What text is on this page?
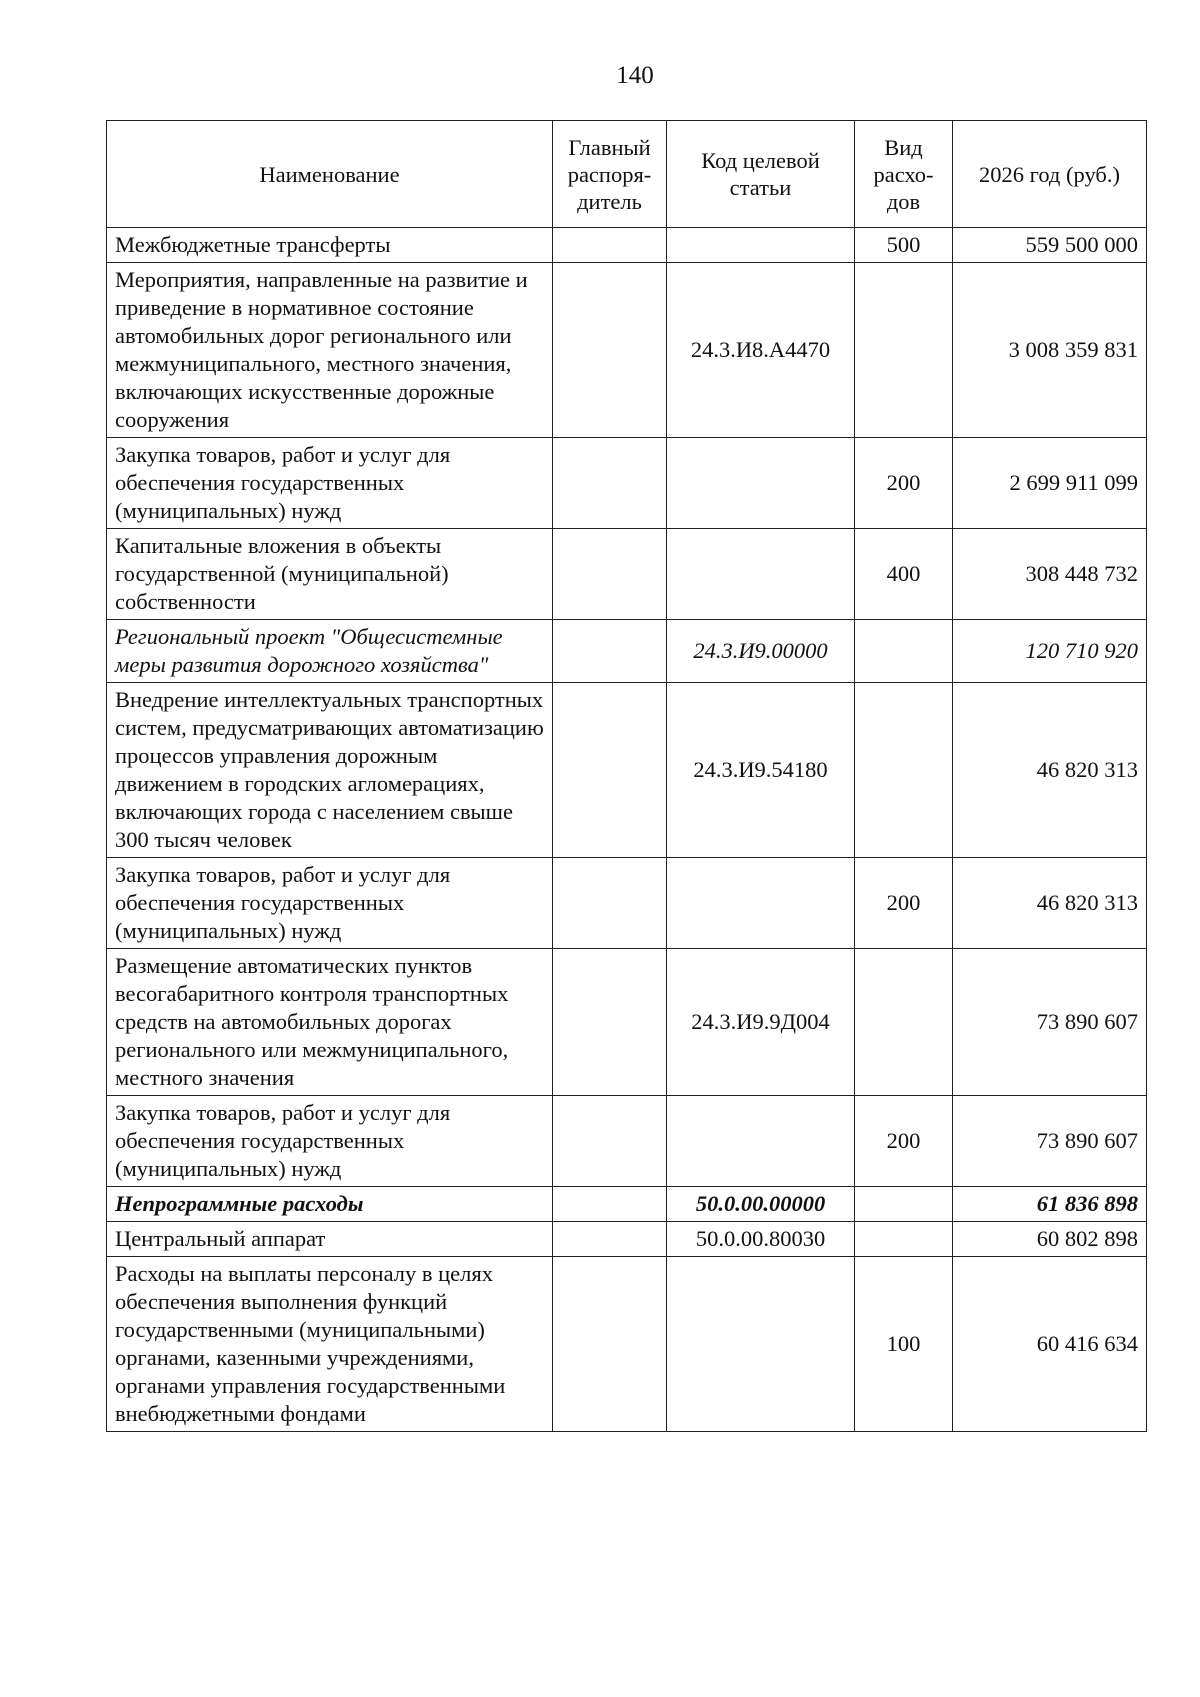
140
Наименование	Главный распоря- дитель	Код целевой статьи	Вид расхо- дов	2026 год (руб.)
Межбюджетные трансферты			500	559 500 000
Мероприятия, направленные на развитие и приведение в нормативное состояние автомобильных дорог регионального или межмуниципального, местного значения, включающих искусственные дорожные сооружения		24.3.И8.А4470		3 008 359 831
Закупка товаров, работ и услуг для обеспечения государственных (муниципальных) нужд			200	2 699 911 099
Капитальные вложения в объекты государственной (муниципальной) собственности			400	308 448 732
Региональный проект "Общесистемные меры развития дорожного хозяйства"		24.3.И9.00000		120 710 920
Внедрение интеллектуальных транспортных систем, предусматривающих автоматизацию процессов управления дорожным движением в городских агломерациях, включающих города с населением свыше 300 тысяч человек		24.3.И9.54180		46 820 313
Закупка товаров, работ и услуг для обеспечения государственных (муниципальных) нужд			200	46 820 313
Размещение автоматических пунктов весогабаритного контроля транспортных средств на автомобильных дорогах регионального или межмуниципального, местного значения		24.3.И9.9Д004		73 890 607
Закупка товаров, работ и услуг для обеспечения государственных (муниципальных) нужд			200	73 890 607
Непрограммные расходы		50.0.00.00000		61 836 898
Центральный аппарат		50.0.00.80030		60 802 898
Расходы на выплаты персоналу в целях обеспечения выполнения функций государственными (муниципальными) органами, казенными учреждениями, органами управления государственными внебюджетными фондами			100	60 416 634
